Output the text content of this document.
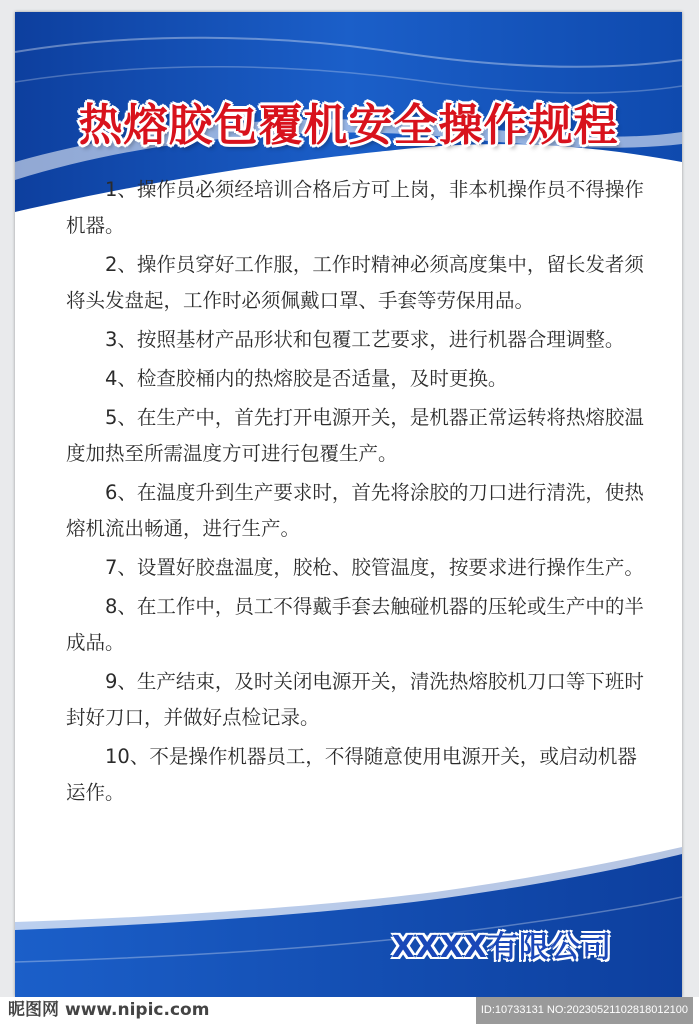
热熔胶包覆机安全操作规程
1、操作员必须经培训合格后方可上岗，非本机操作员不得操作机器。
2、操作员穿好工作服，工作时精神必须高度集中，留长发者须将头发盘起，工作时必须佩戴口罩、手套等劳保用品。
3、按照基材产品形状和包覆工艺要求，进行机器合理调整。
4、检查胶桶内的热熔胶是否适量，及时更换。
5、在生产中，首先打开电源开关，是机器正常运转将热熔胶温度加热至所需温度方可进行包覆生产。
6、在温度升到生产要求时，首先将涂胶的刀口进行清洗，使热熔机流出畅通，进行生产。
7、设置好胶盘温度，胶枪、胶管温度，按要求进行操作生产。
8、在工作中，员工不得戴手套去触碰机器的压轮或生产中的半成品。
9、生产结束，及时关闭电源开关，清洗热熔胶机刀口等下班时封好刀口，并做好点检记录。
10、不是操作机器员工，不得随意使用电源开关，或启动机器运作。
XXXX有限公司
昵图网 www.nipic.com	ID:10733131 NO:20230521102818012100
